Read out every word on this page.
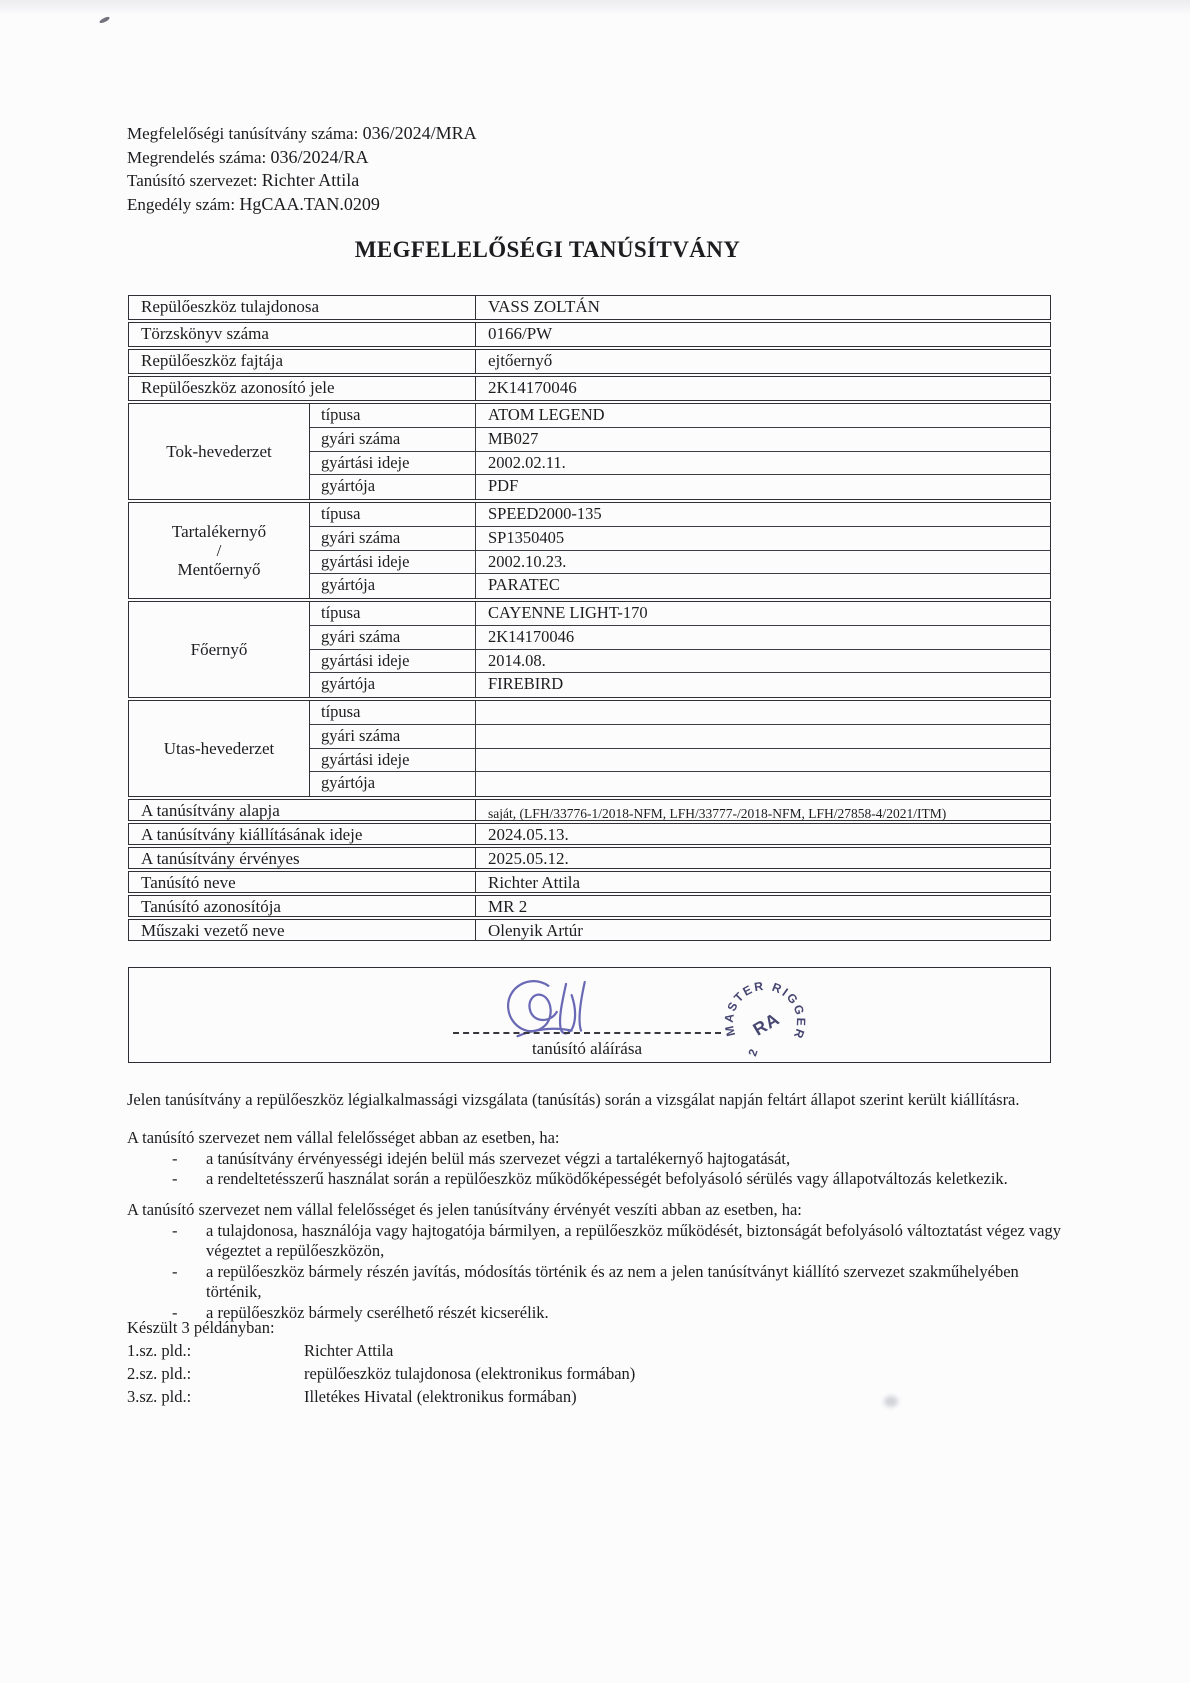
Megfelelőségi tanúsítvány száma: 036/2024/MRA
Megrendelés száma: 036/2024/RA
Tanúsító szervezet: Richter Attila
Engedély szám: HgCAA.TAN.0209
MEGFELELŐSÉGI TANÚSÍTVÁNY
Repülőeszköz tulajdonosa	VASS ZOLTÁN
Törzskönyv száma	0166/PW
Repülőeszköz fajtája	ejtőernyő
Repülőeszköz azonosító jele	2K14170046
Tok-hevederzet
típusa	ATOM LEGEND
gyári száma	MB027
gyártási ideje	2002.02.11.
gyártója	PDF
Tartalékernyő
/
Mentőernyő
típusa	SPEED2000-135
gyári száma	SP1350405
gyártási ideje	2002.10.23.
gyártója	PARATEC
Főernyő
típusa	CAYENNE LIGHT-170
gyári száma	2K14170046
gyártási ideje	2014.08.
gyártója	FIREBIRD
Utas-hevederzet
típusa
gyári száma
gyártási ideje
gyártója
A tanúsítvány alapja	saját, (LFH/33776-1/2018-NFM, LFH/33777-/2018-NFM, LFH/27858-4/2021/ITM)
A tanúsítvány kiállításának ideje	2024.05.13.
A tanúsítvány érvényes	2025.05.12.
Tanúsító neve	Richter Attila
Tanúsító azonosítója	MR 2
Műszaki vezető neve	Olenyik Artúr
tanúsító aláírása
MASTER RIGGER
RA
2
Jelen tanúsítvány a repülőeszköz légialkalmassági vizsgálata (tanúsítás) során a vizsgálat napján feltárt állapot szerint került kiállításra.
A tanúsító szervezet nem vállal felelősséget abban az esetben, ha:
-	a tanúsítvány érvényességi idején belül más szervezet végzi a tartalékernyő hajtogatását,
-	a rendeltetésszerű használat során a repülőeszköz működőképességét befolyásoló sérülés vagy állapotváltozás keletkezik.
A tanúsító szervezet nem vállal felelősséget és jelen tanúsítvány érvényét veszíti abban az esetben, ha:
-	a tulajdonosa, használója vagy hajtogatója bármilyen, a repülőeszköz működését, biztonságát befolyásoló változtatást végez vagy végeztet a repülőeszközön,
-	a repülőeszköz bármely részén javítás, módosítás történik és az nem a jelen tanúsítványt kiállító szervezet szakműhelyében történik,
-	a repülőeszköz bármely cserélhető részét kicserélik.
Készült 3 példányban:
1.sz. pld.:	Richter Attila
2.sz. pld.:	repülőeszköz tulajdonosa (elektronikus formában)
3.sz. pld.:	Illetékes Hivatal (elektronikus formában)
